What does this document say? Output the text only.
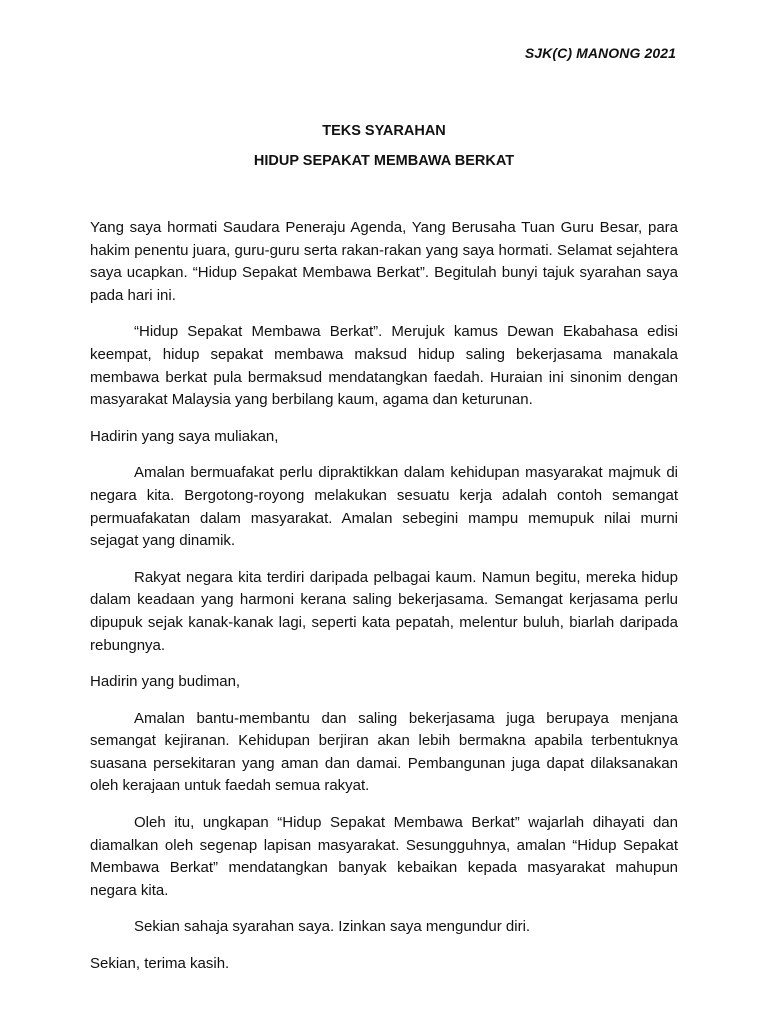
SJK(C) MANONG 2021
TEKS SYARAHAN
HIDUP SEPAKAT MEMBAWA BERKAT

Yang saya hormati Saudara Peneraju Agenda, Yang Berusaha Tuan Guru Besar, para hakim penentu juara, guru-guru serta rakan-rakan yang saya hormati. Selamat sejahtera saya ucapkan. “Hidup Sepakat Membawa Berkat”. Begitulah bunyi tajuk syarahan saya pada hari ini.

“Hidup Sepakat Membawa Berkat”. Merujuk kamus Dewan Ekabahasa edisi keempat, hidup sepakat membawa maksud hidup saling bekerjasama manakala membawa berkat pula bermaksud mendatangkan faedah. Huraian ini sinonim dengan masyarakat Malaysia yang berbilang kaum, agama dan keturunan.

Hadirin yang saya muliakan,

Amalan bermuafakat perlu dipraktikkan dalam kehidupan masyarakat majmuk di negara kita. Bergotong-royong melakukan sesuatu kerja adalah contoh semangat permuafakatan dalam masyarakat. Amalan sebegini mampu memupuk nilai murni sejagat yang dinamik.

Rakyat negara kita terdiri daripada pelbagai kaum. Namun begitu, mereka hidup dalam keadaan yang harmoni kerana saling bekerjasama. Semangat kerjasama perlu dipupuk sejak kanak-kanak lagi, seperti kata pepatah, melentur buluh, biarlah daripada rebungnya.

Hadirin yang budiman,

Amalan bantu-membantu dan saling bekerjasama juga berupaya menjana semangat kejiranan. Kehidupan berjiran akan lebih bermakna apabila terbentuknya suasana persekitaran yang aman dan damai. Pembangunan juga dapat dilaksanakan oleh kerajaan untuk faedah semua rakyat.

Oleh itu, ungkapan “Hidup Sepakat Membawa Berkat” wajarlah dihayati dan diamalkan oleh segenap lapisan masyarakat. Sesungguhnya, amalan “Hidup Sepakat Membawa Berkat” mendatangkan banyak kebaikan kepada masyarakat mahupun negara kita.

Sekian sahaja syarahan saya. Izinkan saya mengundur diri.

Sekian, terima kasih.
